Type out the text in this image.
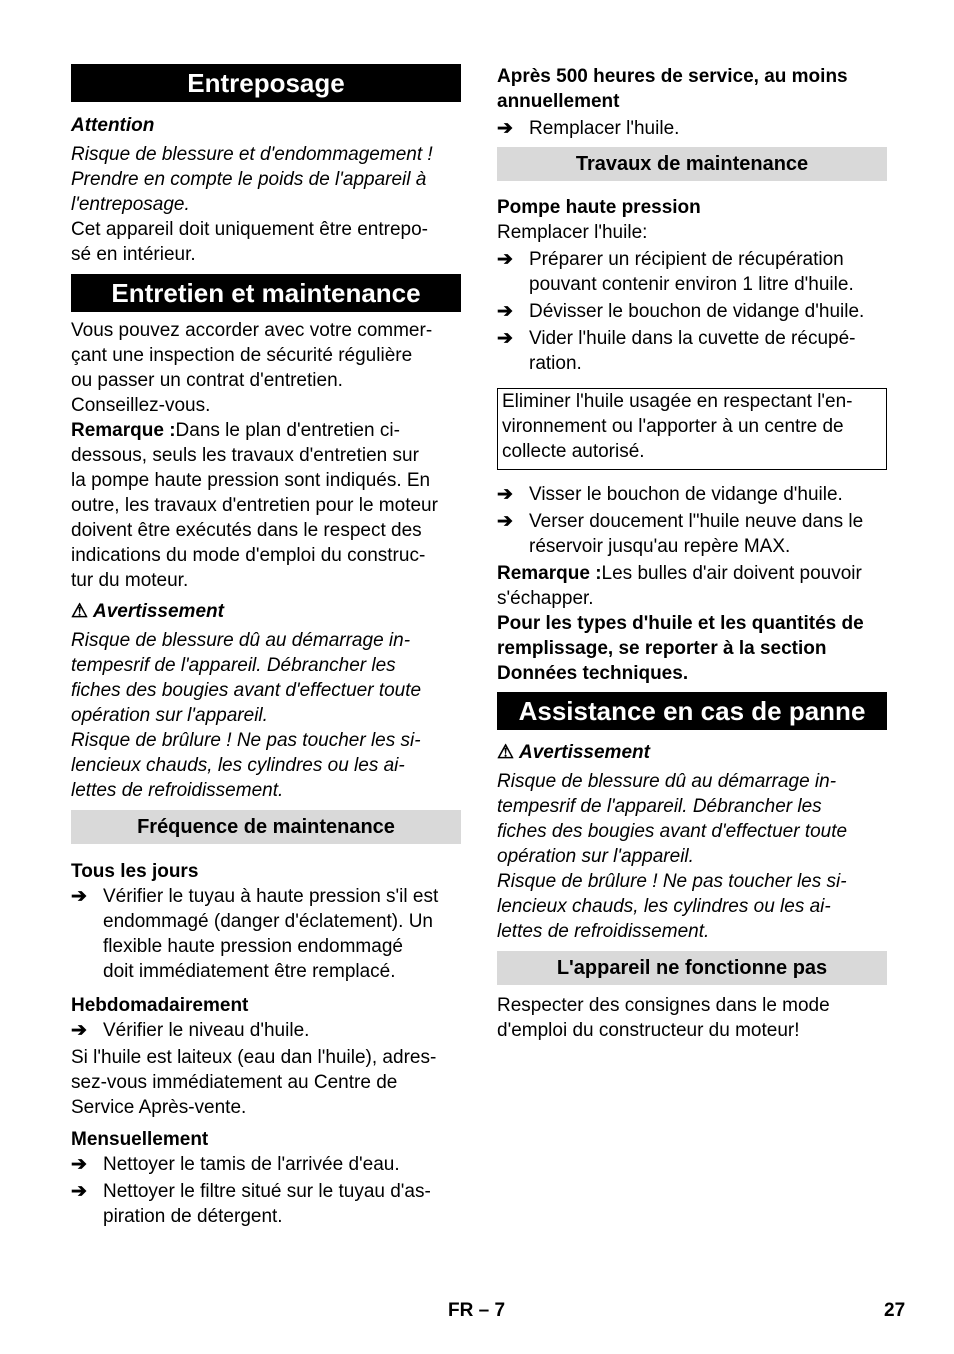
Entreposage

Attention

Risque de blessure et d'endommagement !
Prendre en compte le poids de l'appareil à
l'entreposage.
Cet appareil doit uniquement être entrepo-
sé en intérieur.
Entretien et maintenance
Vous pouvez accorder avec votre commer-
çant une inspection de sécurité régulière
ou passer un contrat d'entretien.
Conseillez-vous.
Remarque :Dans le plan d'entretien ci-
dessous, seuls les travaux d'entretien sur
la pompe haute pression sont indiqués. En
outre, les travaux d'entretien pour le moteur
doivent être exécutés dans le respect des
indications du mode d'emploi du construc-
tur du moteur.
⚠ Avertissement
Risque de blessure dû au démarrage in-
tempesrif de l'appareil. Débrancher les
fiches des bougies avant d'effectuer toute
opération sur l'appareil.
Risque de brûlure ! Ne pas toucher les si-
lencieux chauds, les cylindres ou les ai-
lettes de refroidissement.
Fréquence de maintenance
Tous les jours
➔ Vérifier le tuyau à haute pression s'il est
endommagé (danger d'éclatement). Un
flexible haute pression endommagé
doit immédiatement être remplacé.
Hebdomadairement
➔ Vérifier le niveau d'huile.
Si l'huile est laiteux (eau dan l'huile), adres-
sez-vous immédiatement au Centre de
Service Après-vente.
Mensuellement
➔ Nettoyer le tamis de l'arrivée d'eau.
➔ Nettoyer le filtre situé sur le tuyau d'as-
piration de détergent.
Après 500 heures de service, au moins
annuellement
➔ Remplacer l'huile.
Travaux de maintenance
Pompe haute pression
Remplacer l'huile:
➔ Préparer un récipient de récupération
pouvant contenir environ 1 litre d'huile.
➔ Dévisser le bouchon de vidange d'huile.
➔ Vider l'huile dans la cuvette de récupé-
ration.
Eliminer l'huile usagée en respectant l'en-
vironnement ou l'apporter à un centre de
collecte autorisé.
➔ Visser le bouchon de vidange d'huile.
➔ Verser doucement l"huile neuve dans le
réservoir jusqu'au repère MAX.
Remarque :Les bulles d'air doivent pouvoir
s'échapper.
Pour les types d'huile et les quantités de
remplissage, se reporter à la section
Données techniques.
Assistance en cas de panne
⚠ Avertissement
Risque de blessure dû au démarrage in-
tempesrif de l'appareil. Débrancher les
fiches des bougies avant d'effectuer toute
opération sur l'appareil.
Risque de brûlure ! Ne pas toucher les si-
lencieux chauds, les cylindres ou les ai-
lettes de refroidissement.
L'appareil ne fonctionne pas
Respecter des consignes dans le mode
d'emploi du constructeur du moteur!
FR – 7	27
